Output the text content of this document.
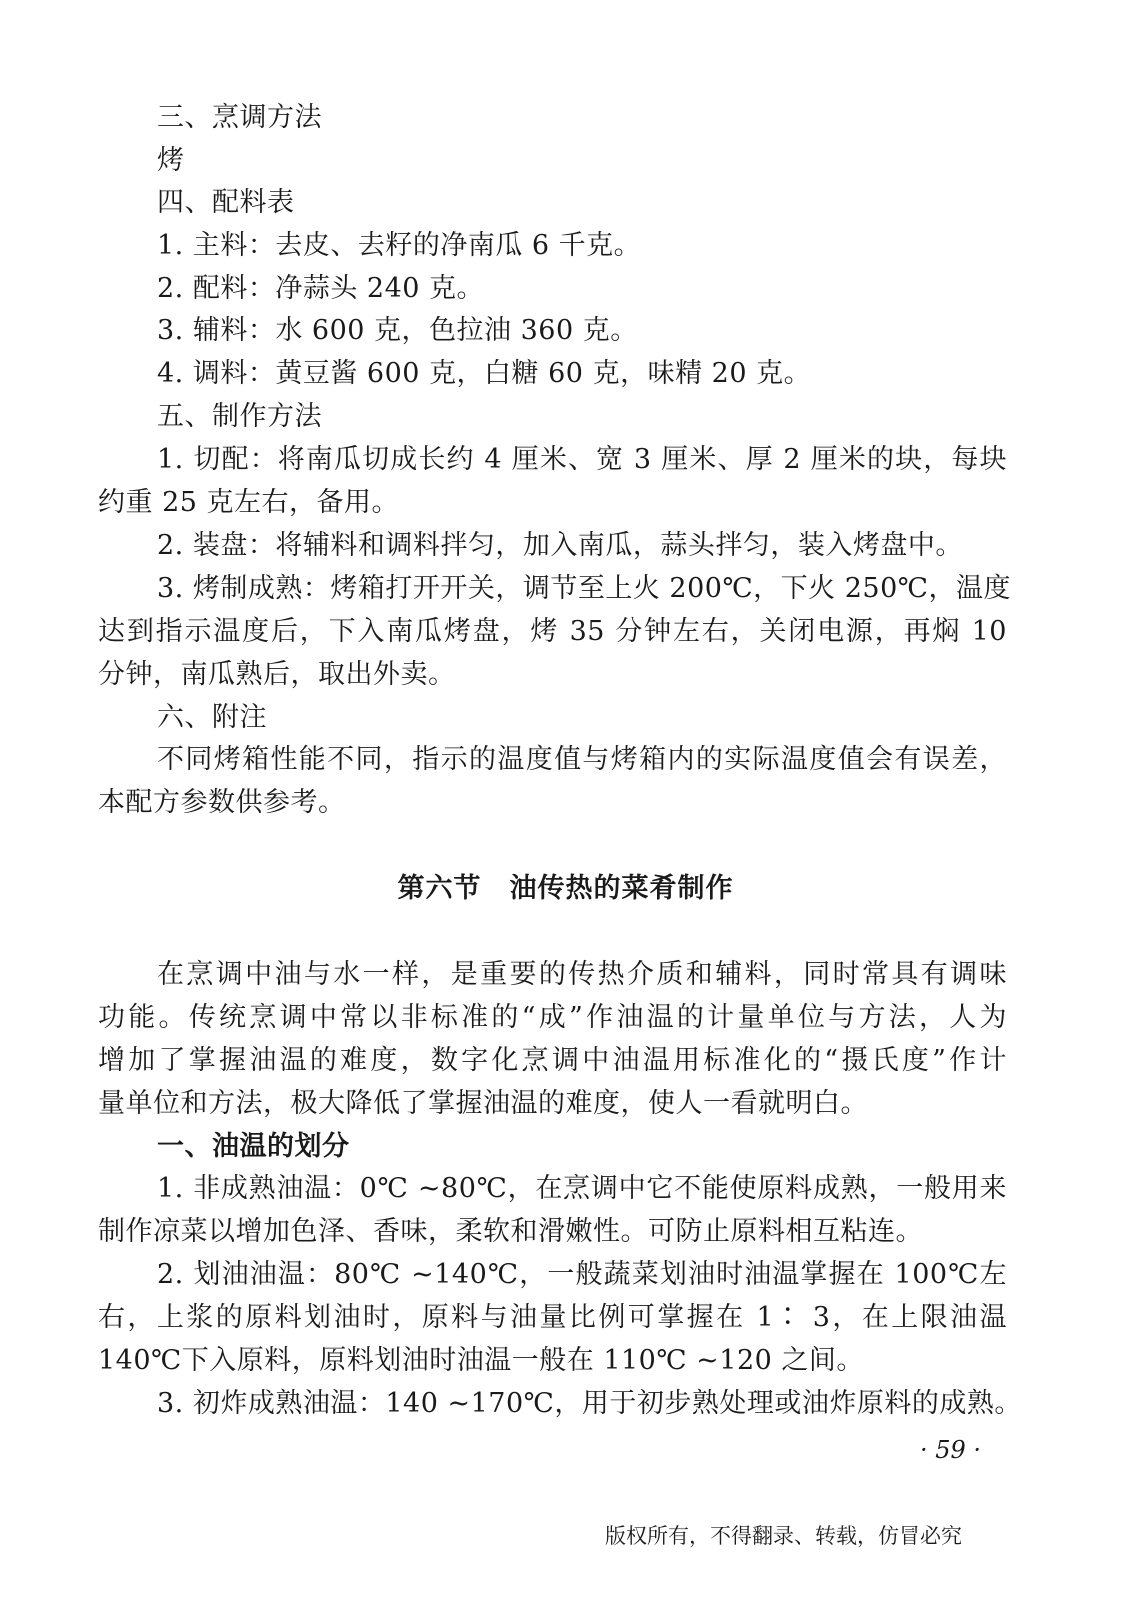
三、烹调方法
烤
四、配料表
1. 主料：去皮、去籽的净南瓜 6 千克。
2. 配料：净蒜头 240 克。
3. 辅料：水 600 克，色拉油 360 克。
4. 调料：黄豆酱 600 克，白糖 60 克，味精 20 克。
五、制作方法
1. 切配：将南瓜切成长约 4 厘米、宽 3 厘米、厚 2 厘米的块，每块
约重 25 克左右，备用。
2. 装盘：将辅料和调料拌匀，加入南瓜，蒜头拌匀，装入烤盘中。
3. 烤制成熟：烤箱打开开关，调节至上火 200℃，下火 250℃，温度
达到指示温度后，下入南瓜烤盘，烤 35 分钟左右，关闭电源，再焖 10
分钟，南瓜熟后，取出外卖。
六、附注
不同烤箱性能不同，指示的温度值与烤箱内的实际温度值会有误差，
本配方参数供参考。
第六节　油传热的菜肴制作
在烹调中油与水一样，是重要的传热介质和辅料，同时常具有调味
功能。传统烹调中常以非标准的“成”作油温的计量单位与方法，人为
增加了掌握油温的难度，数字化烹调中油温用标准化的“摄氏度”作计
量单位和方法，极大降低了掌握油温的难度，使人一看就明白。
一、油温的划分
1. 非成熟油温：0℃ ~80℃，在烹调中它不能使原料成熟，一般用来
制作凉菜以增加色泽、香味，柔软和滑嫩性。可防止原料相互粘连。
2. 划油油温：80℃ ~140℃，一般蔬菜划油时油温掌握在 100℃左
右，上浆的原料划油时，原料与油量比例可掌握在 1∶ 3，在上限油温
140℃下入原料，原料划油时油温一般在 110℃ ~120 之间。
3. 初炸成熟油温：140 ~170℃，用于初步熟处理或油炸原料的成熟。
· 59 ·
版权所有，不得翻录、转载，仿冒必究
